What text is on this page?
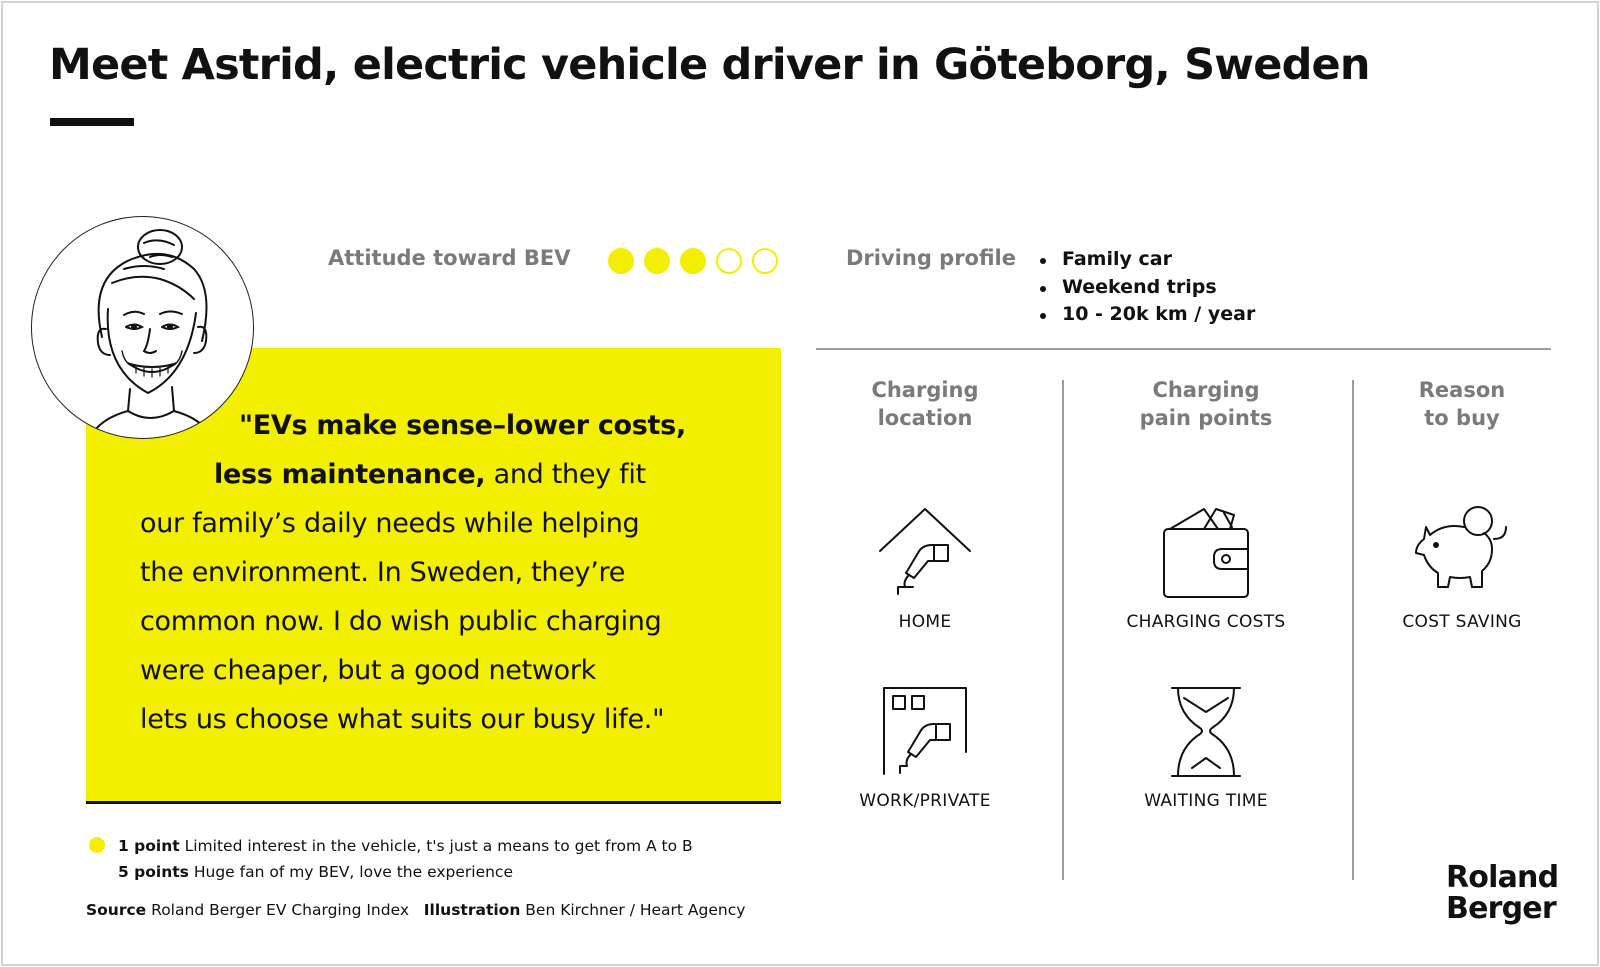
Meet Astrid, electric vehicle driver in Göteborg, Sweden
Attitude toward BEV	Driving profile	Family car
Weekend trips
10 - 20k km / year
"EVs make sense–lower costs,
less maintenance, and they fit
our family’s daily needs while helping
the environment. In Sweden, they’re
common now. I do wish public charging
were cheaper, but a good network
lets us choose what suits our busy life."
Charging
location
Charging
pain points
Reason
to buy
HOME
WORK/PRIVATE
CHARGING COSTS
WAITING TIME
COST SAVING
1 point Limited interest in the vehicle, t's just a means to get from A to B
5 points Huge fan of my BEV, love the experience
Source Roland Berger EV Charging Index Illustration Ben Kirchner / Heart Agency
Roland
Berger
